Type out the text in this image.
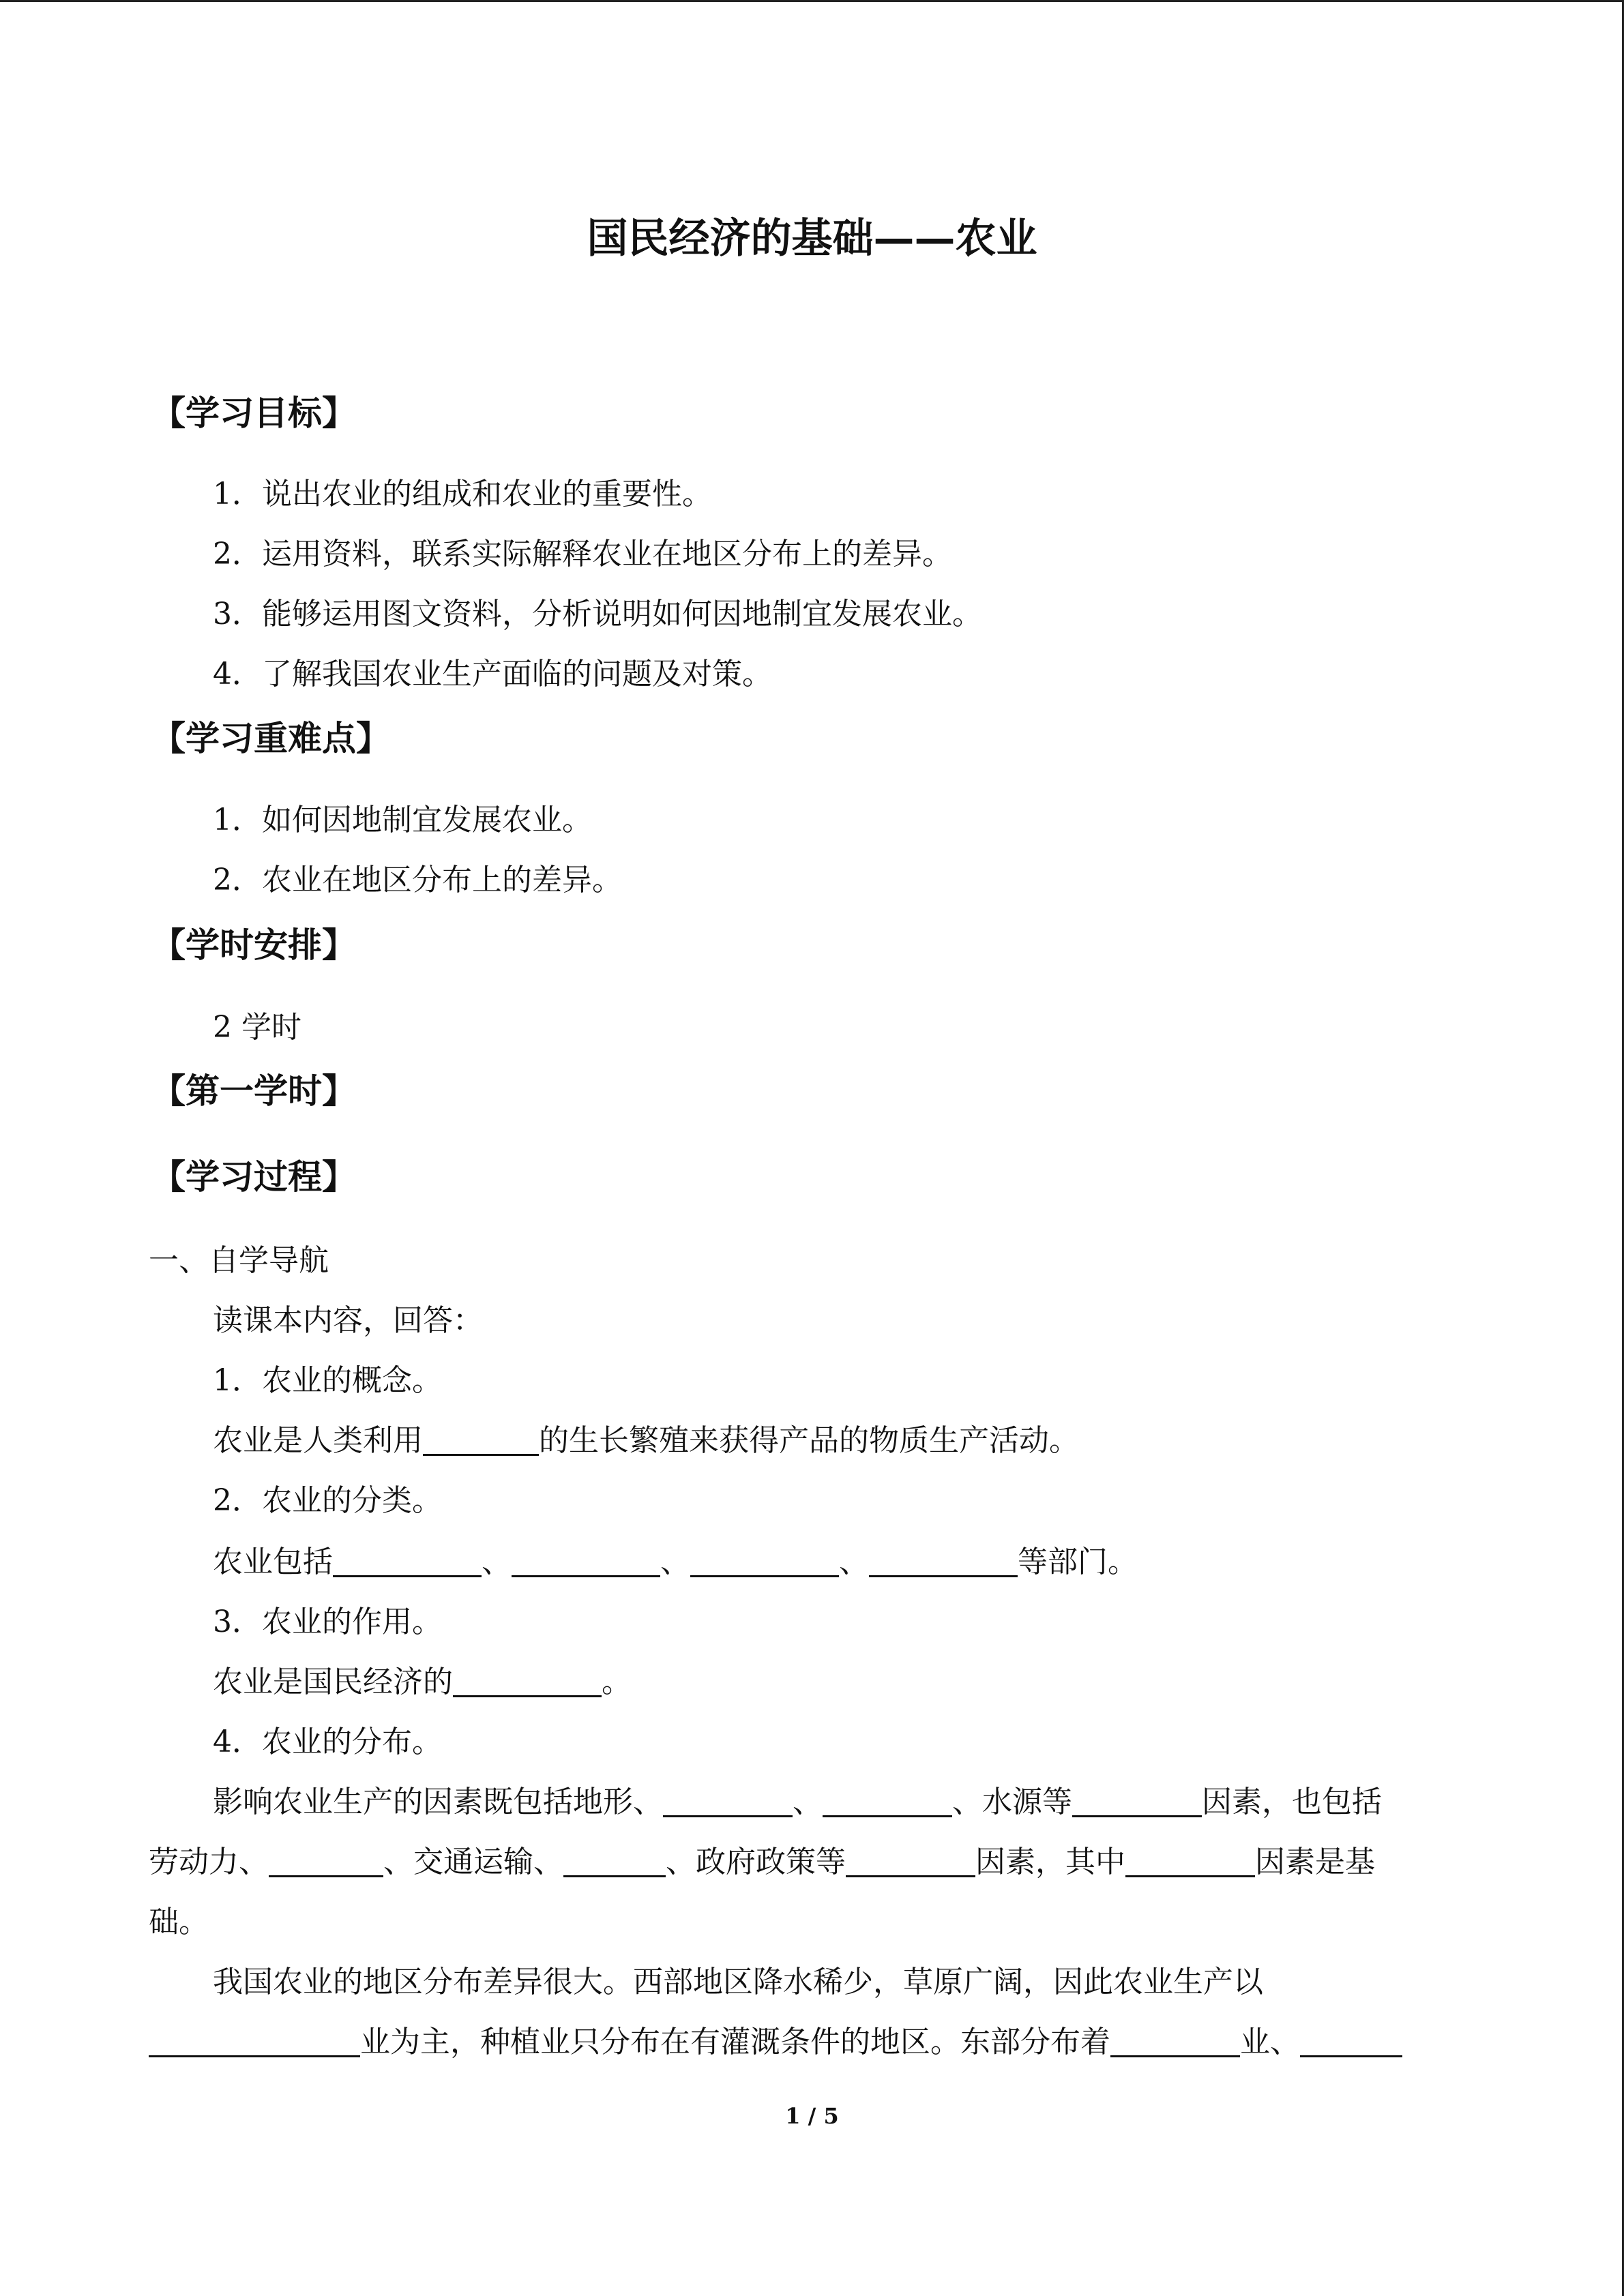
国民经济的基础——农业
【学习目标】
1．说出农业的组成和农业的重要性。
2．运用资料，联系实际解释农业在地区分布上的差异。
3．能够运用图文资料，分析说明如何因地制宜发展农业。
4．了解我国农业生产面临的问题及对策。
【学习重难点】
1．如何因地制宜发展农业。
2．农业在地区分布上的差异。
【学时安排】
2 学时
【第一学时】
【学习过程】
一、自学导航
读课本内容，回答：
1．农业的概念。
农业是人类利用	的生长繁殖来获得产品的物质生产活动。
2．农业的分类。
农业包括	、	、	、	等部门。
3．农业的作用。
农业是国民经济的	。
4．农业的分布。
影响农业生产的因素既包括地形、	、	、水源等	因素，也包括
劳动力、	、交通运输、	、政府政策等	因素，其中	因素是基
础。
我国农业的地区分布差异很大。西部地区降水稀少，草原广阔，因此农业生产以
业为主，种植业只分布在有灌溉条件的地区。东部分布着	业、
1 / 5
